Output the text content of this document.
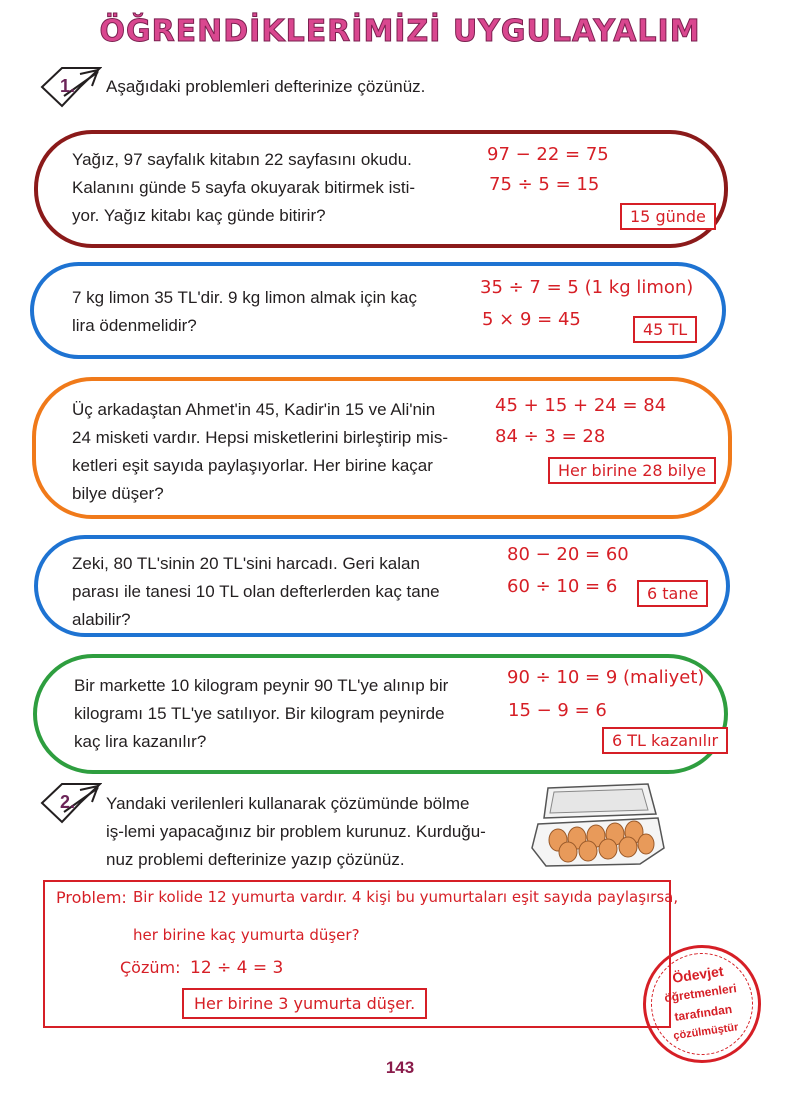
ÖĞRENDİKLERİMİZİ UYGULAYALIM
1. Aşağıdaki problemleri defterinize çözünüz.
Yağız, 97 sayfalık kitabın 22 sayfasını okudu.
Kalanını günde 5 sayfa okuyarak bitirmek isti-
yor. Yağız kitabı kaç günde bitirir?
97 − 22 = 75
75 ÷ 5 = 15
15 günde
7 kg limon 35 TL'dir. 9 kg limon almak için kaç
lira ödenmelidir?
35 ÷ 7 = 5 (1 kg limon)
5 × 9 = 45	45 TL
Üç arkadaştan Ahmet'in 45, Kadir'in 15 ve Ali'nin
24 misketi vardır. Hepsi misketlerini birleştirip mis-
ketleri eşit sayıda paylaşıyorlar. Her birine kaçar
bilye düşer?
45 + 15 + 24 = 84
84 ÷ 3 = 28
Her birine 28 bilye
Zeki, 80 TL'sinin 20 TL'sini harcadı. Geri kalan
parası ile tanesi 10 TL olan defterlerden kaç tane
alabilir?
80 − 20 = 60
60 ÷ 10 = 6	6 tane
Bir markette 10 kilogram peynir 90 TL'ye alınıp bir
kilogramı 15 TL'ye satılıyor. Bir kilogram peynirde
kaç lira kazanılır?
90 ÷ 10 = 9 (maliyet)
15 − 9 = 6
6 TL kazanılır
2. Yandaki verilenleri kullanarak çözümünde bölme
iş-lemi yapacağınız bir problem kurunuz. Kurduğu-
nuz problemi defterinize yazıp çözünüz.
Problem: Bir kolide 12 yumurta vardır. 4 kişi bu yumurtaları eşit sayıda paylaşırsa,
her birine kaç yumurta düşer?
Çözüm: 12 ÷ 4 = 3
Her birine 3 yumurta düşer.
Ödevjet
öğretmenleri
tarafından
çözülmüştür
143
